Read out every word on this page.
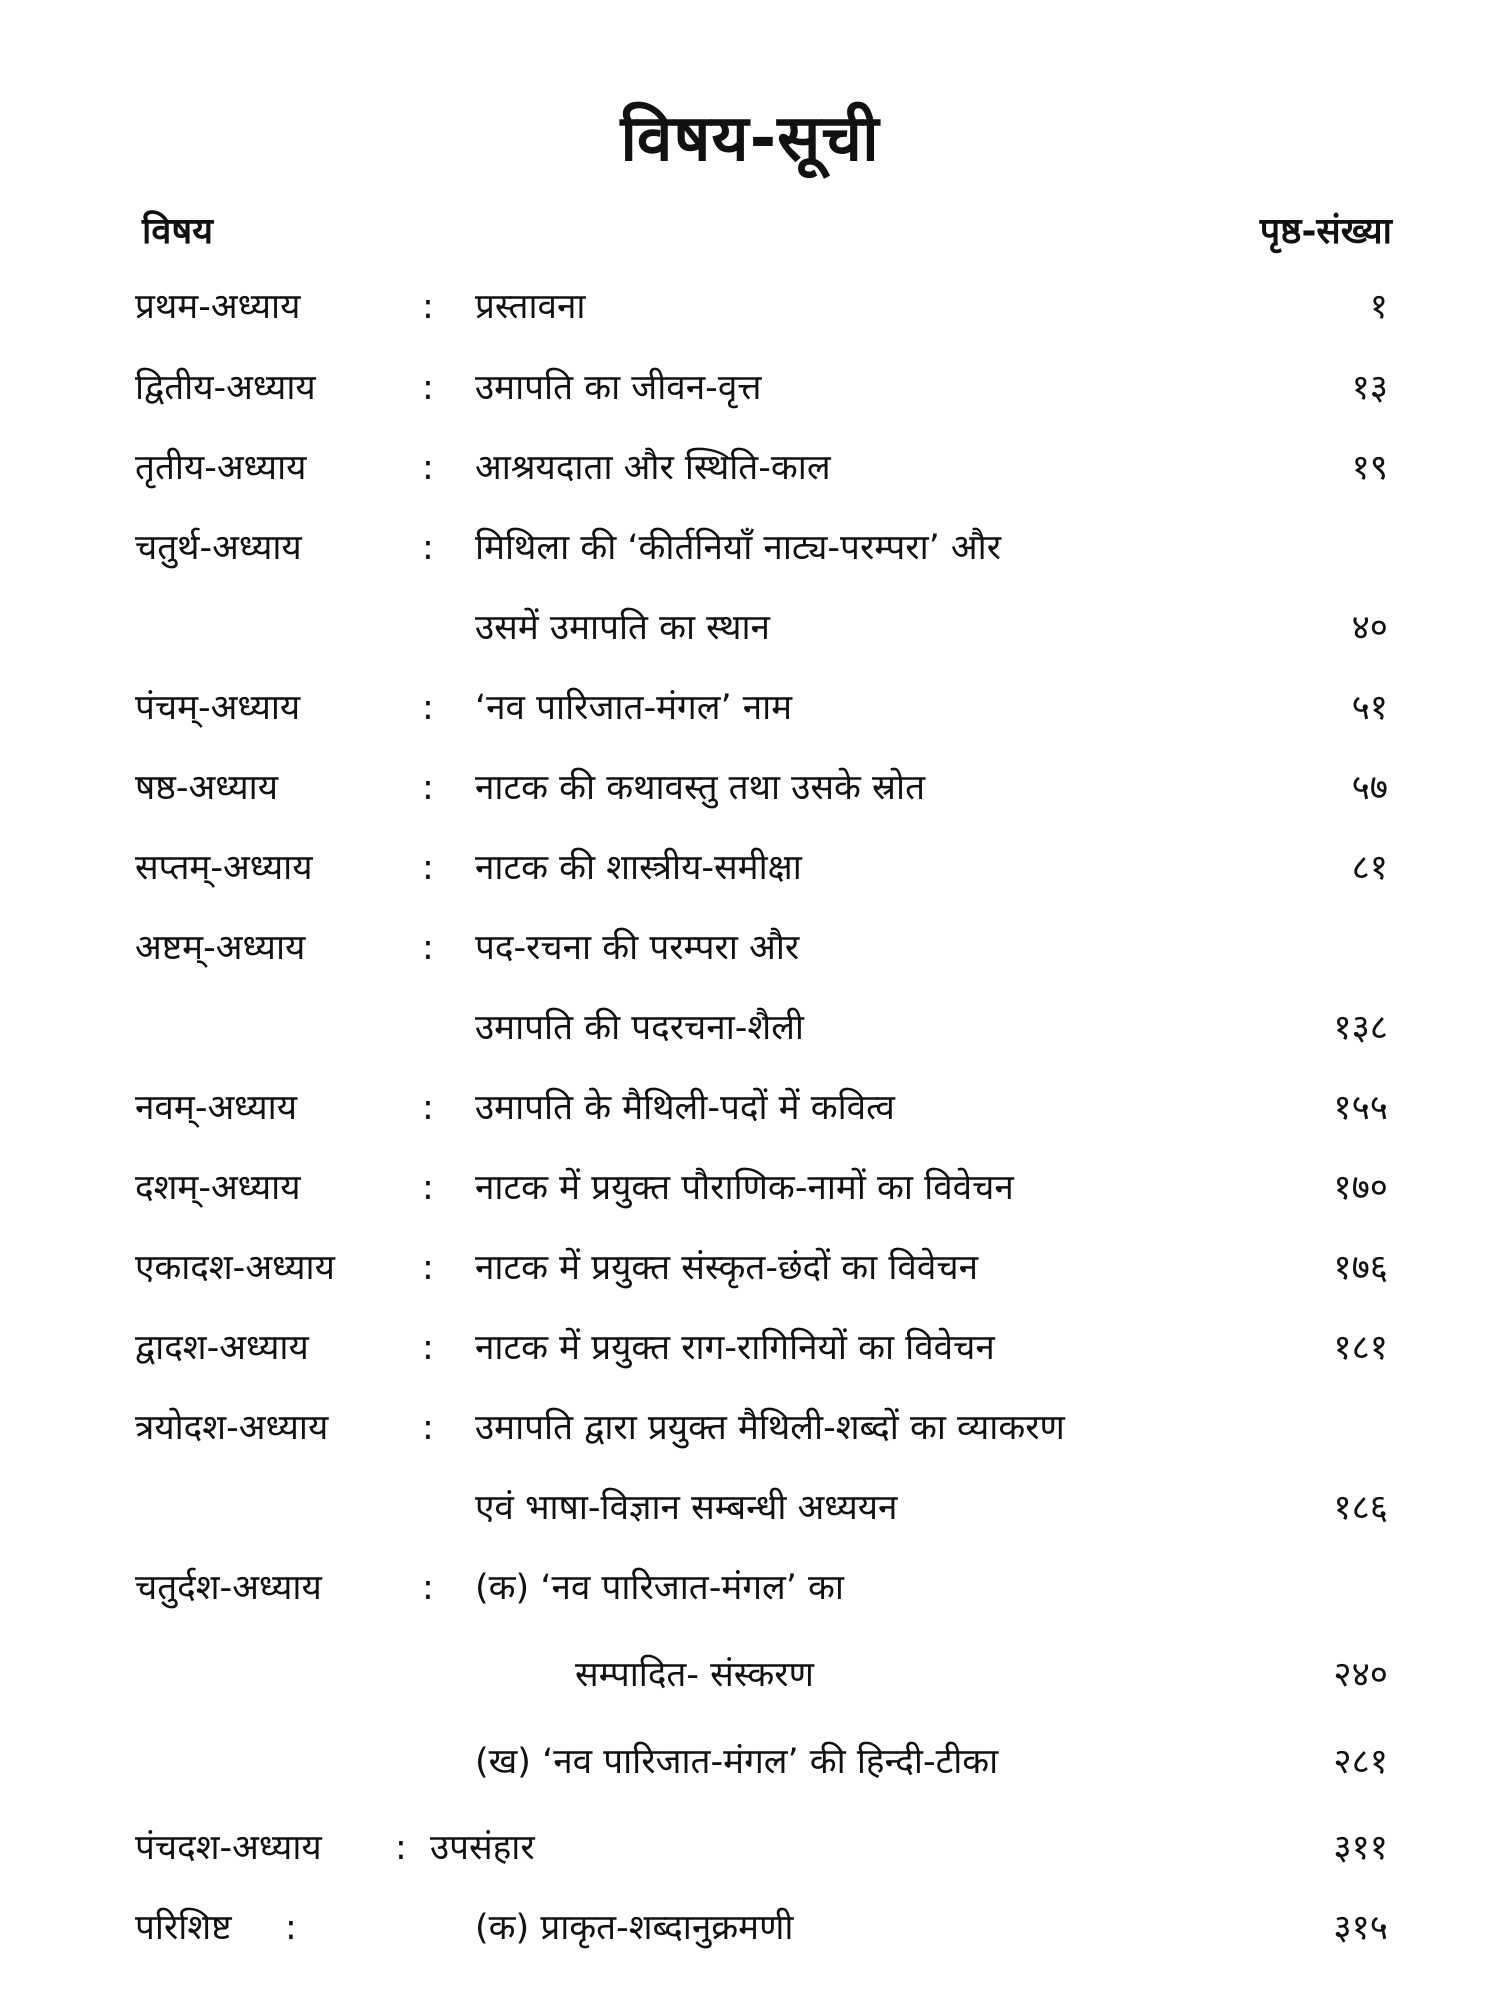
विषय-सूची
विषय	पृष्ठ-संख्या
प्रथम-अध्याय	: प्रस्तावना	१
द्वितीय-अध्याय	: उमापति का जीवन-वृत्त	१३
तृतीय-अध्याय	: आश्रयदाता और स्थिति-काल	१९
चतुर्थ-अध्याय	: मिथिला की ‘कीर्तनियाँ नाट्य-परम्परा’ और
उसमें उमापति का स्थान	४०
पंचम्-अध्याय	: ‘नव पारिजात-मंगल’ नाम	५१
षष्ठ-अध्याय	: नाटक की कथावस्तु तथा उसके स्रोत	५७
सप्तम्-अध्याय	: नाटक की शास्त्रीय-समीक्षा	८१
अष्टम्-अध्याय	: पद-रचना की परम्परा और
उमापति की पदरचना-शैली	१३८
नवम्-अध्याय	: उमापति के मैथिली-पदों में कवित्व	१५५
दशम्-अध्याय	: नाटक में प्रयुक्त पौराणिक-नामों का विवेचन	१७०
एकादश-अध्याय : नाटक में प्रयुक्त संस्कृत-छंदों का विवेचन	१७६
द्वादश-अध्याय	: नाटक में प्रयुक्त राग-रागिनियों का विवेचन	१८१
त्रयोदश-अध्याय	: उमापति द्वारा प्रयुक्त मैथिली-शब्दों का व्याकरण
एवं भाषा-विज्ञान सम्बन्धी अध्ययन	१८६
चतुर्दश-अध्याय	: (क) ‘नव पारिजात-मंगल’ का
सम्पादित- संस्करण	२४०
(ख) ‘नव पारिजात-मंगल’ की हिन्दी-टीका	२८१
पंचदश-अध्याय : उपसंहार	३११
परिशिष्ट :	(क) प्राकृत-शब्दानुक्रमणी	३१५
